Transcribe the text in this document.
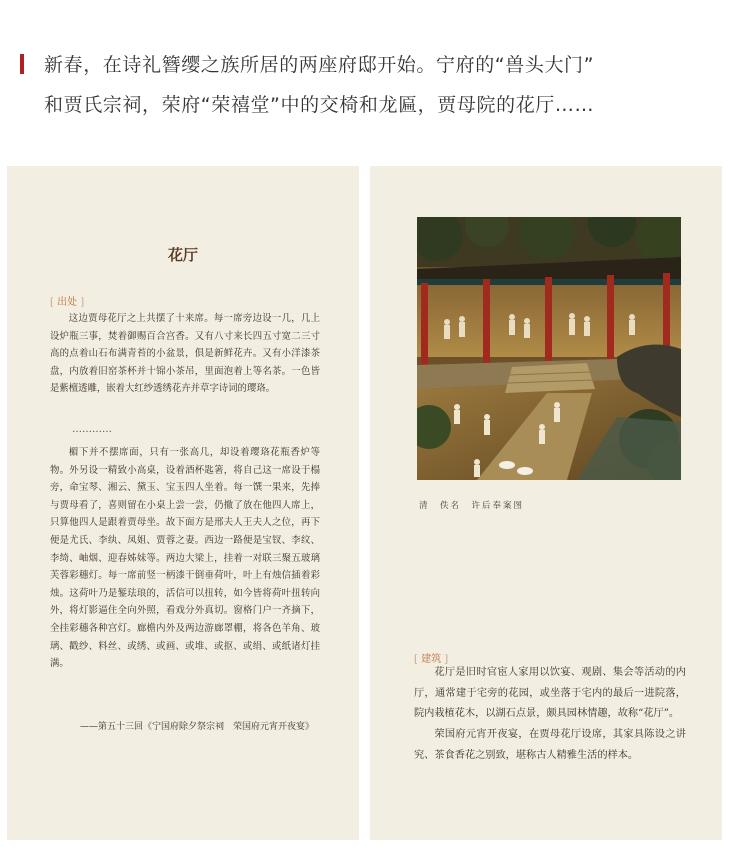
新春，在诗礼簪缨之族所居的两座府邸开始。宁府的“兽头大门”
和贾氏宗祠，荣府“荣禧堂”中的交椅和龙匾，贾母院的花厅……
花厅
[ 出处 ]

这边贾母花厅之上共摆了十来席。每一席旁边设一几，几上设炉瓶三事，焚着御赐百合宫香。又有八寸来长四五寸宽二三寸高的点着山石布满青苔的小盆景，俱是新鲜花卉。又有小洋漆茶盘，内放着旧窑茶杯并十锦小茶吊，里面泡着上等名茶。一色皆是紫檀透雕，嵌着大红纱透绣花卉并草字诗词的璎珞。

…………

楣下并不摆席面，只有一张高几，却设着璎珞花瓶香炉等物。外另设一精致小高桌，设着酒杯匙箸，将自己这一席设于榻旁，命宝琴、湘云、黛玉、宝玉四人坐着。每一馔一果来，先捧与贾母看了，喜则留在小桌上尝一尝，仍撤了放在他四人席上，只算他四人是跟着贾母坐。故下面方是邢夫人王夫人之位，再下便是尤氏、李纨、凤姐、贾蓉之妻。西边一路便是宝钗、李纹、李绮、岫烟、迎春姊妹等。两边大梁上，挂着一对联三聚五玻璃芙蓉彩穗灯。每一席前竖一柄漆干倒垂荷叶，叶上有烛信插着彩烛。这荷叶乃是錾珐琅的，活信可以扭转，如今皆将荷叶扭转向外，将灯影逼住全向外照，看戏分外真切。窗格门户一齐摘下，全挂彩穗各种宫灯。廊檐内外及两边游廊罩棚，将各色羊角、玻璃、戳纱、料丝、或绣、或画、或堆、或抠、或绢、或纸诸灯挂满。

——第五十三回《宁国府除夕祭宗祠　荣国府元宵开夜宴》
清　佚名　许后奉案图
[ 建筑 ]

花厅是旧时官宦人家用以饮宴、观剧、集会等活动的内厅，通常建于宅旁的花园，或坐落于宅内的最后一进院落，院内栽植花木，以湖石点景，颇具园林情趣，故称“花厅”。

荣国府元宵开夜宴，在贾母花厅设席，其家具陈设之讲究、茶食香花之别致，堪称古人精雅生活的样本。
